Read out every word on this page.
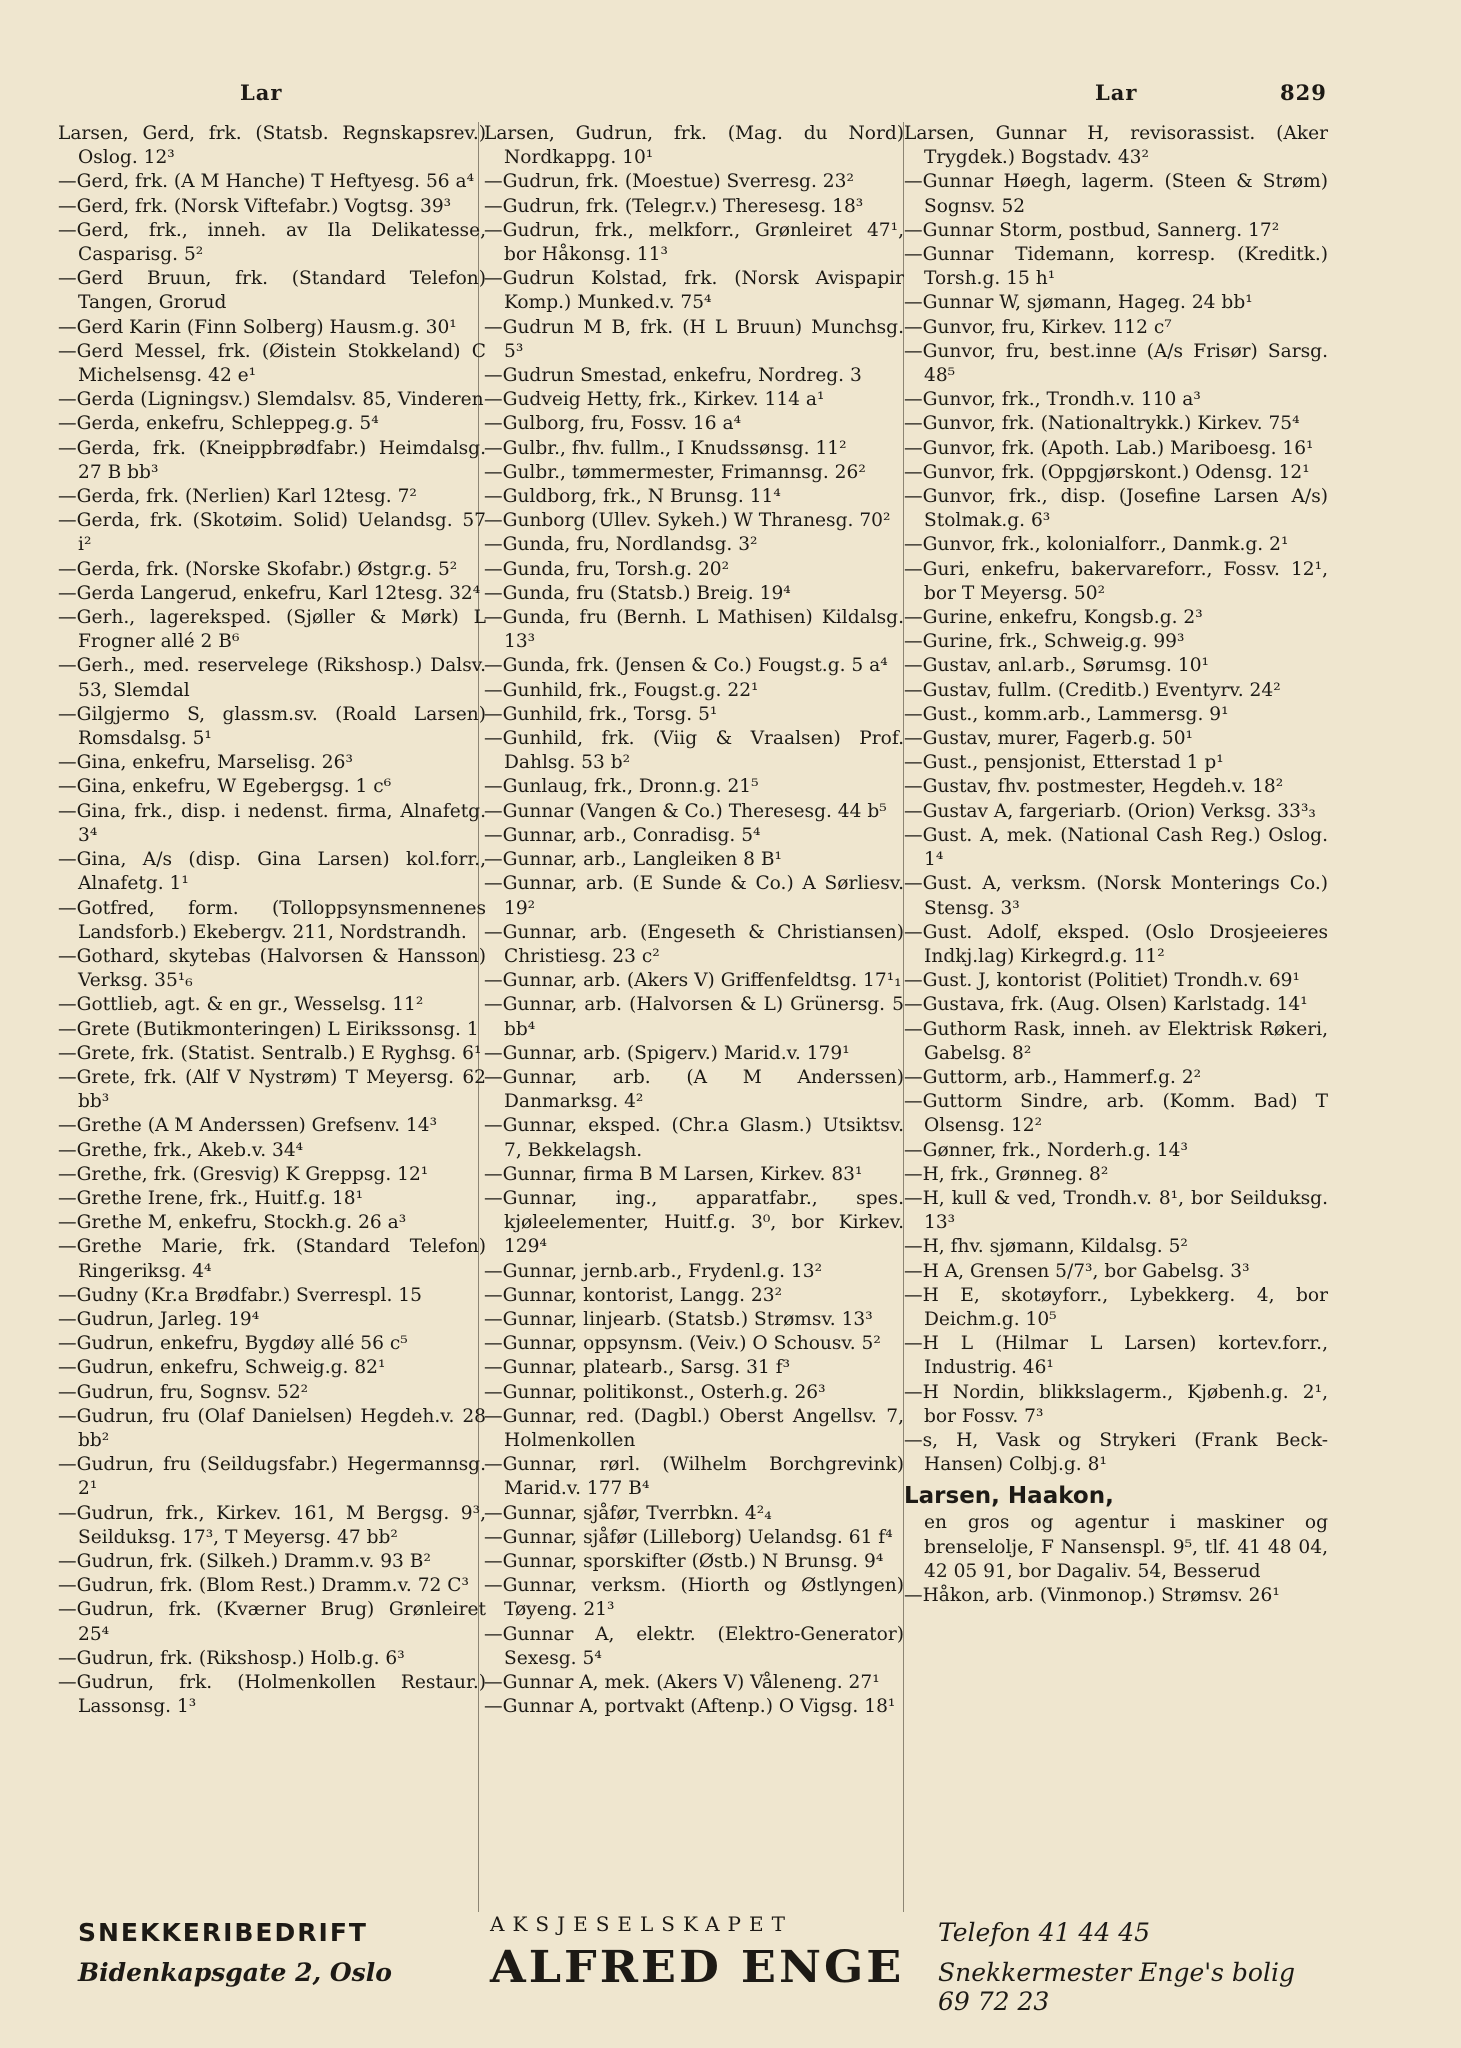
Lar	Lar	829

Larsen, Gerd, frk. (Statsb. Regnskapsrev.) Oslog. 12³

—Gerd, frk. (A M Hanche) T Heftyesg. 56 a⁴

—Gerd, frk. (Norsk Viftefabr.) Vogtsg. 39³

—Gerd, frk., inneh. av Ila Delikatesse, Casparisg. 5²

—Gerd Bruun, frk. (Standard Telefon) Tangen, Grorud

—Gerd Karin (Finn Solberg) Hausm.g. 30¹

—Gerd Messel, frk. (Øistein Stokkeland) C Michelsensg. 42 e¹

—Gerda (Ligningsv.) Slemdalsv. 85, Vinderen

—Gerda, enkefru, Schleppeg.g. 5⁴

—Gerda, frk. (Kneippbrødfabr.) Heimdalsg. 27 B bb³

—Gerda, frk. (Nerlien) Karl 12tesg. 7²

—Gerda, frk. (Skotøim. Solid) Uelandsg. 57 i²

—Gerda, frk. (Norske Skofabr.) Østgr.g. 5²

—Gerda Langerud, enkefru, Karl 12tesg. 32⁴

—Gerh., lagereksped. (Sjøller & Mørk) L Frogner allé 2 B⁶

—Gerh., med. reservelege (Rikshosp.) Dalsv. 53, Slemdal

—Gilgjermo S, glassm.sv. (Roald Larsen) Romsdalsg. 5¹

—Gina, enkefru, Marselisg. 26³

—Gina, enkefru, W Egebergsg. 1 c⁶

—Gina, frk., disp. i nedenst. firma, Alnafetg. 3⁴

—Gina, A/s (disp. Gina Larsen) kol.forr., Alnafetg. 1¹

—Gotfred, form. (Tolloppsynsmennenes Landsforb.) Ekebergv. 211, Nordstrandh.

—Gothard, skytebas (Halvorsen & Hansson) Verksg. 35¹₆

—Gottlieb, agt. & en gr., Wesselsg. 11²

—Grete (Butikmonteringen) L Eirikssonsg. 1

—Grete, frk. (Statist. Sentralb.) E Ryghsg. 6¹

—Grete, frk. (Alf V Nystrøm) T Meyersg. 62 bb³

—Grethe (A M Anderssen) Grefsenv. 14³

—Grethe, frk., Akeb.v. 34⁴

—Grethe, frk. (Gresvig) K Greppsg. 12¹

—Grethe Irene, frk., Huitf.g. 18¹

—Grethe M, enkefru, Stockh.g. 26 a³

—Grethe Marie, frk. (Standard Telefon) Ringeriksg. 4⁴

—Gudny (Kr.a Brødfabr.) Sverrespl. 15

—Gudrun, Jarleg. 19⁴

—Gudrun, enkefru, Bygdøy allé 56 c⁵

—Gudrun, enkefru, Schweig.g. 82¹

—Gudrun, fru, Sognsv. 52²

—Gudrun, fru (Olaf Danielsen) Hegdeh.v. 28 bb²

—Gudrun, fru (Seildugsfabr.) Hegermannsg. 2¹

—Gudrun, frk., Kirkev. 161, M Bergsg. 9³, Seilduksg. 17³, T Meyersg. 47 bb²

—Gudrun, frk. (Silkeh.) Dramm.v. 93 B²

—Gudrun, frk. (Blom Rest.) Dramm.v. 72 C³

—Gudrun, frk. (Kværner Brug) Grønleiret 25⁴

—Gudrun, frk. (Rikshosp.) Holb.g. 6³

—Gudrun, frk. (Holmenkollen Restaur.) Lassonsg. 1³

Larsen, Gudrun, frk. (Mag. du Nord) Nordkappg. 10¹

—Gudrun, frk. (Moestue) Sverresg. 23²

—Gudrun, frk. (Telegr.v.) Theresesg. 18³

—Gudrun, frk., melkforr., Grønleiret 47¹, bor Håkonsg. 11³

—Gudrun Kolstad, frk. (Norsk Avispapir Komp.) Munked.v. 75⁴

—Gudrun M B, frk. (H L Bruun) Munchsg. 5³

—Gudrun Smestad, enkefru, Nordreg. 3

—Gudveig Hetty, frk., Kirkev. 114 a¹

—Gulborg, fru, Fossv. 16 a⁴

—Gulbr., fhv. fullm., I Knudssønsg. 11²

—Gulbr., tømmermester, Frimannsg. 26²

—Guldborg, frk., N Brunsg. 11⁴

—Gunborg (Ullev. Sykeh.) W Thranesg. 70²

—Gunda, fru, Nordlandsg. 3²

—Gunda, fru, Torsh.g. 20²

—Gunda, fru (Statsb.) Breig. 19⁴

—Gunda, fru (Bernh. L Mathisen) Kildalsg. 13³

—Gunda, frk. (Jensen & Co.) Fougst.g. 5 a⁴

—Gunhild, frk., Fougst.g. 22¹

—Gunhild, frk., Torsg. 5¹

—Gunhild, frk. (Viig & Vraalsen) Prof. Dahlsg. 53 b²

—Gunlaug, frk., Dronn.g. 21⁵

—Gunnar (Vangen & Co.) Theresesg. 44 b⁵

—Gunnar, arb., Conradisg. 5⁴

—Gunnar, arb., Langleiken 8 B¹

—Gunnar, arb. (E Sunde & Co.) A Sørliesv. 19²

—Gunnar, arb. (Engeseth & Christiansen) Christiesg. 23 c²

—Gunnar, arb. (Akers V) Griffenfeldtsg. 17¹₁

—Gunnar, arb. (Halvorsen & L) Grünersg. 5 bb⁴

—Gunnar, arb. (Spigerv.) Marid.v. 179¹

—Gunnar, arb. (A M Anderssen) Danmarksg. 4²

—Gunnar, eksped. (Chr.a Glasm.) Utsiktsv. 7, Bekkelagsh.

—Gunnar, firma B M Larsen, Kirkev. 83¹

—Gunnar, ing., apparatfabr., spes. kjøleelementer, Huitf.g. 3⁰, bor Kirkev. 129⁴

—Gunnar, jernb.arb., Frydenl.g. 13²

—Gunnar, kontorist, Langg. 23²

—Gunnar, linjearb. (Statsb.) Strømsv. 13³

—Gunnar, oppsynsm. (Veiv.) O Schousv. 5²

—Gunnar, platearb., Sarsg. 31 f³

—Gunnar, politikonst., Osterh.g. 26³

—Gunnar, red. (Dagbl.) Oberst Angellsv. 7, Holmenkollen

—Gunnar, rørl. (Wilhelm Borchgrevink) Marid.v. 177 B⁴

—Gunnar, sjåfør, Tverrbkn. 4²₄

—Gunnar, sjåfør (Lilleborg) Uelandsg. 61 f⁴

—Gunnar, sporskifter (Østb.) N Brunsg. 9⁴

—Gunnar, verksm. (Hiorth og Østlyngen) Tøyeng. 21³

—Gunnar A, elektr. (Elektro-Generator) Sexesg. 5⁴

—Gunnar A, mek. (Akers V) Våleneng. 27¹

—Gunnar A, portvakt (Aftenp.) O Vigsg. 18¹

Larsen, Gunnar H, revisorassist. (Aker Trygdek.) Bogstadv. 43²

—Gunnar Høegh, lagerm. (Steen & Strøm) Sognsv. 52

—Gunnar Storm, postbud, Sannerg. 17²

—Gunnar Tidemann, korresp. (Kreditk.) Torsh.g. 15 h¹

—Gunnar W, sjømann, Hageg. 24 bb¹

—Gunvor, fru, Kirkev. 112 c⁷

—Gunvor, fru, best.inne (A/s Frisør) Sarsg. 48⁵

—Gunvor, frk., Trondh.v. 110 a³

—Gunvor, frk. (Nationaltrykk.) Kirkev. 75⁴

—Gunvor, frk. (Apoth. Lab.) Mariboesg. 16¹

—Gunvor, frk. (Oppgjørskont.) Odensg. 12¹

—Gunvor, frk., disp. (Josefine Larsen A/s) Stolmak.g. 6³

—Gunvor, frk., kolonialforr., Danmk.g. 2¹

—Guri, enkefru, bakervareforr., Fossv. 12¹, bor T Meyersg. 50²

—Gurine, enkefru, Kongsb.g. 2³

—Gurine, frk., Schweig.g. 99³

—Gustav, anl.arb., Sørumsg. 10¹

—Gustav, fullm. (Creditb.) Eventyrv. 24²

—Gust., komm.arb., Lammersg. 9¹

—Gustav, murer, Fagerb.g. 50¹

—Gust., pensjonist, Etterstad 1 p¹

—Gustav, fhv. postmester, Hegdeh.v. 18²

—Gustav A, fargeriarb. (Orion) Verksg. 33³₃

—Gust. A, mek. (National Cash Reg.) Oslog. 1⁴

—Gust. A, verksm. (Norsk Monterings Co.) Stensg. 3³

—Gust. Adolf, eksped. (Oslo Drosjeeieres Indkj.lag) Kirkegrd.g. 11²

—Gust. J, kontorist (Politiet) Trondh.v. 69¹

—Gustava, frk. (Aug. Olsen) Karlstadg. 14¹

—Guthorm Rask, inneh. av Elektrisk Røkeri, Gabelsg. 8²

—Guttorm, arb., Hammerf.g. 2²

—Guttorm Sindre, arb. (Komm. Bad) T Olsensg. 12²

—Gønner, frk., Norderh.g. 14³

—H, frk., Grønneg. 8²

—H, kull & ved, Trondh.v. 8¹, bor Seilduksg. 13³

—H, fhv. sjømann, Kildalsg. 5²

—H A, Grensen 5/7³, bor Gabelsg. 3³

—H E, skotøyforr., Lybekkerg. 4, bor Deichm.g. 10⁵

—H L (Hilmar L Larsen) kortev.forr., Industrig. 46¹

—H Nordin, blikkslagerm., Kjøbenh.g. 2¹, bor Fossv. 7³

—s, H, Vask og Strykeri (Frank Beck-Hansen) Colbj.g. 8¹

Larsen, Haakon,

en gros og agentur i maskiner og brenselolje, F Nansenspl. 9⁵, tlf. 41 48 04, 42 05 91, bor Dagaliv. 54, Besserud

—Håkon, arb. (Vinmonop.) Strømsv. 26¹

SNEKKERIBEDRIFT
Bidenkapsgate 2, Oslo
AKSJESELSKAPET
ALFRED ENGE
Telefon 41 44 45
Snekkermester Enge's bolig 69 72 23
